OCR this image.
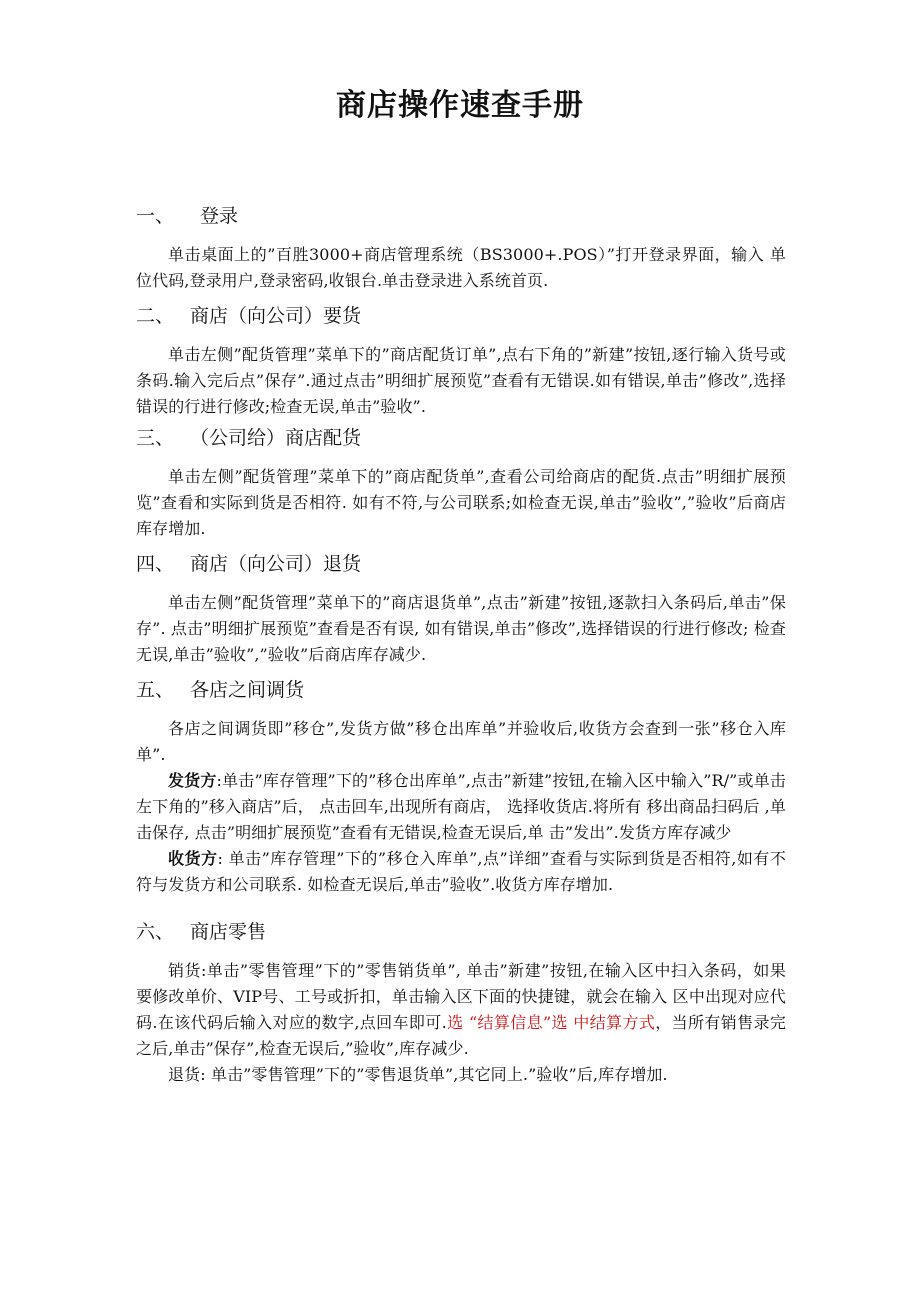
商店操作速查手册
一、 登录

单击桌面上的”百胜3000+商店管理系统（BS3000+.POS）”打开登录界面，输入 单位代码,登录用户,登录密码,收银台.单击登录进入系统首页.

二、 商店（向公司）要货

单击左侧”配货管理”菜单下的”商店配货订单”,点右下角的”新建”按钮,逐行输入货号或条码.输入完后点”保存”.通过点击”明细扩展预览”查看有无错误.如有错误,单击”修改”,选择错误的行进行修改;检查无误,单击”验收”.

三、 （公司给）商店配货

单击左侧”配货管理”菜单下的”商店配货单”,查看公司给商店的配货.点击”明细扩展预览”查看和实际到货是否相符. 如有不符,与公司联系;如检查无误,单击”验收”,”验收”后商店库存增加.

四、 商店（向公司）退货

单击左侧”配货管理”菜单下的”商店退货单”,点击”新建”按钮,逐款扫入条码后,单击”保存”. 点击”明细扩展预览”查看是否有误, 如有错误,单击”修改”,选择错误的行进行修改; 检查无误,单击”验收”,”验收”后商店库存减少.

五、 各店之间调货

各店之间调货即”移仓”,发货方做”移仓出库单”并验收后,收货方会查到一张”移仓入库单”.

发货方:单击”库存管理”下的”移仓出库单”,点击”新建”按钮,在输入区中输入”R/”或单击左下角的”移入商店”后， 点击回车,出现所有商店， 选择收货店.将所有 移出商品扫码后 ,单击保存, 点击”明细扩展预览”查看有无错误,检查无误后,单 击”发出”.发货方库存减少

收货方: 单击”库存管理”下的”移仓入库单”,点”详细”查看与实际到货是否相符,如有不符与发货方和公司联系. 如检查无误后,单击”验收”.收货方库存增加.

六、 商店零售

销货:单击”零售管理”下的”零售销货单”, 单击”新建”按钮,在输入区中扫入条码，如果要修改单价、VIP号、工号或折扣，单击输入区下面的快捷键，就会在输入 区中出现对应代码.在该代码后输入对应的数字,点回车即可.选 “结算信息”选 中结算方式，当所有销售录完之后,单击”保存”,检查无误后,”验收”,库存减少.

退货: 单击”零售管理”下的”零售退货单”,其它同上.”验收”后,库存增加.
